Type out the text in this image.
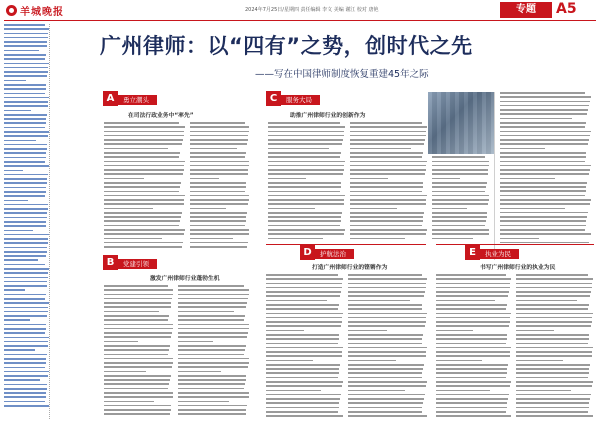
羊城晚报	2024年7月25日/星期四 责任编辑 李文 美编 谢江 校对 唐艳	专题	A5
广州律师：以“四有”之势，创时代之先
——写在中国律师制度恢复重建45年之际
A	勇立潮头
在司法行政业务中“率先”
B	党建引领
激发广州律师行业蓬勃生机
C	服务大局
助推广州律师行业的创新作为
D	护航法治
打造广州律师行业的铿锵作为
E	执业为民
书写广州律师行业的执业为民
